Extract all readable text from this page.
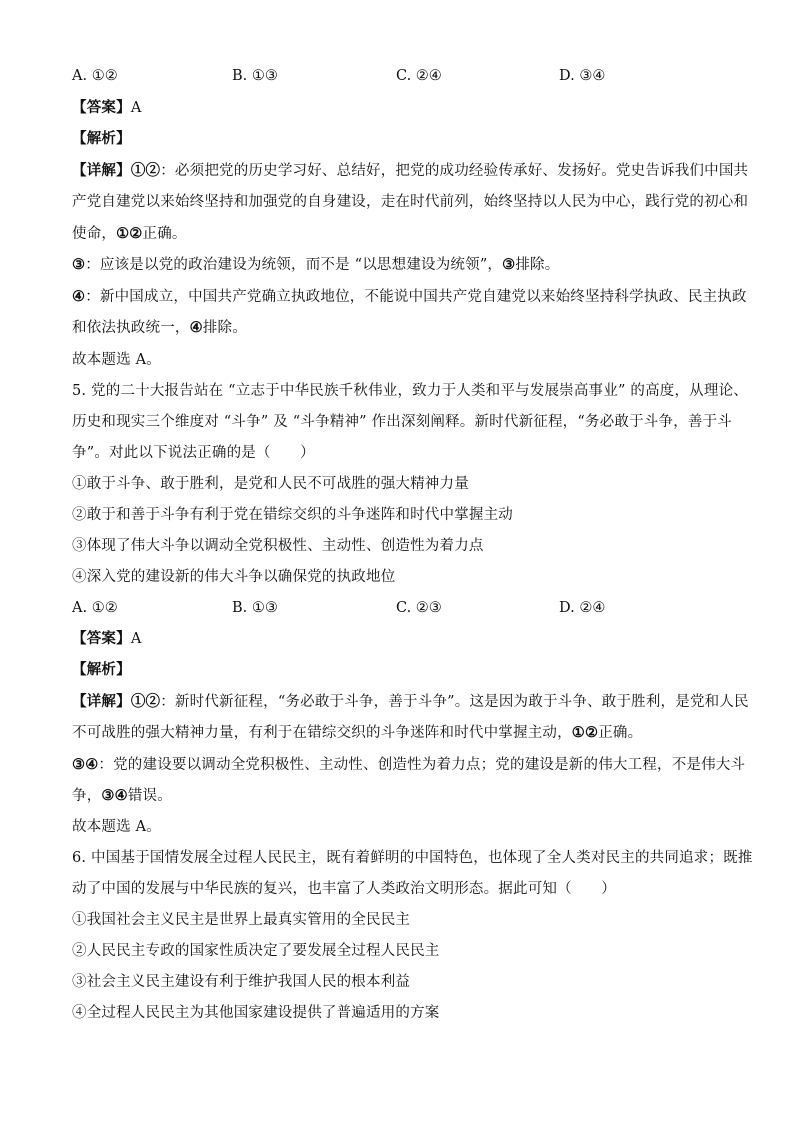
A. ①②	B. ①③	C. ②④	D. ③④
【答案】A
【解析】
【详解】①②：必须把党的历史学习好、总结好，把党的成功经验传承好、发扬好。党史告诉我们中国共
产党自建党以来始终坚持和加强党的自身建设，走在时代前列，始终坚持以人民为中心，践行党的初心和
使命，①②正确。
③：应该是以党的政治建设为统领，而不是 “以思想建设为统领”，③排除。
④：新中国成立，中国共产党确立执政地位，不能说中国共产党自建党以来始终坚持科学执政、民主执政
和依法执政统一，④排除。
故本题选 A。
5. 党的二十大报告站在 “立志于中华民族千秋伟业，致力于人类和平与发展崇高事业” 的高度，从理论、
历史和现实三个维度对 “斗争” 及 “斗争精神” 作出深刻阐释。新时代新征程，“务必敢于斗争，善于斗
争”。对此以下说法正确的是（　　）
①敢于斗争、敢于胜利，是党和人民不可战胜的强大精神力量
②敢于和善于斗争有利于党在错综交织的斗争迷阵和时代中掌握主动
③体现了伟大斗争以调动全党积极性、主动性、创造性为着力点
④深入党的建设新的伟大斗争以确保党的执政地位
A. ①②	B. ①③	C. ②③	D. ②④
【答案】A
【解析】
【详解】①②：新时代新征程，“务必敢于斗争，善于斗争”。这是因为敢于斗争、敢于胜利，是党和人民
不可战胜的强大精神力量，有利于在错综交织的斗争迷阵和时代中掌握主动，①②正确。
③④：党的建设要以调动全党积极性、主动性、创造性为着力点；党的建设是新的伟大工程，不是伟大斗
争，③④错误。
故本题选 A。
6. 中国基于国情发展全过程人民民主，既有着鲜明的中国特色，也体现了全人类对民主的共同追求；既推
动了中国的发展与中华民族的复兴，也丰富了人类政治文明形态。据此可知（　　）
①我国社会主义民主是世界上最真实管用的全民民主
②人民民主专政的国家性质决定了要发展全过程人民民主
③社会主义民主建设有利于维护我国人民的根本利益
④全过程人民民主为其他国家建设提供了普遍适用的方案
